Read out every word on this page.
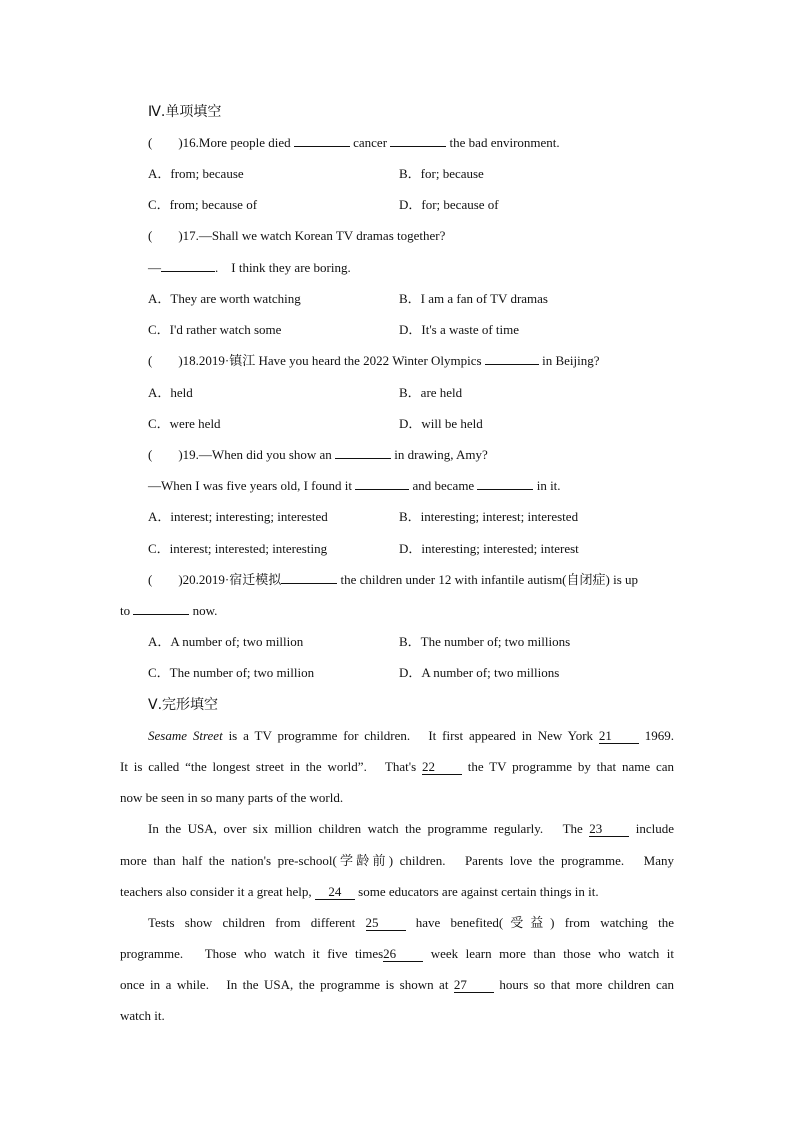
Ⅳ.单项填空
(　　)16.More people died	cancer	the bad environment.
A．from; because	B．for; because
C．from; because of	D．for; because of
(　　)17.—Shall we watch Korean TV dramas together?
—	.　I think they are boring.
A．They are worth watching	B．I am a fan of TV dramas
C．I'd rather watch some	D．It's a waste of time
(　　)18.2019·镇江 Have you heard the 2022 Winter Olympics	in Beijing?
A．held	B．are held
C．were held	D．will be held
(　　)19.—When did you show an	in drawing, Amy?
—When I was five years old, I found it	and became	in it.
A．interest; interesting; interested	B．interesting; interest; interested
C．interest; interested; interesting	D．interesting; interested; interest
(　　)20.2019·宿迁模拟	the children under 12 with infantile autism(自闭症) is up
to	now.
A．A number of; two million	B．The number of; two millions
C．The number of; two million	D．A number of; two millions
Ⅴ.完形填空
Sesame Street is a TV programme for children.　It first appeared in New York 21 1969.
It is called “the longest street in the world”.　That's 22 the TV programme by that name can
now be seen in so many parts of the world.
In the USA, over six million children watch the programme regularly.　The 23 include
more than half the nation's pre-school(学龄前) children.　Parents love the programme.　Many
teachers also consider it a great help, 24 some educators are against certain things in it.
Tests show children from different 25 have benefited(受益) from watching the
programme.　Those who watch it five times26 week learn more than those who watch it
once in a while.　In the USA, the programme is shown at 27 hours so that more children can
watch it.
